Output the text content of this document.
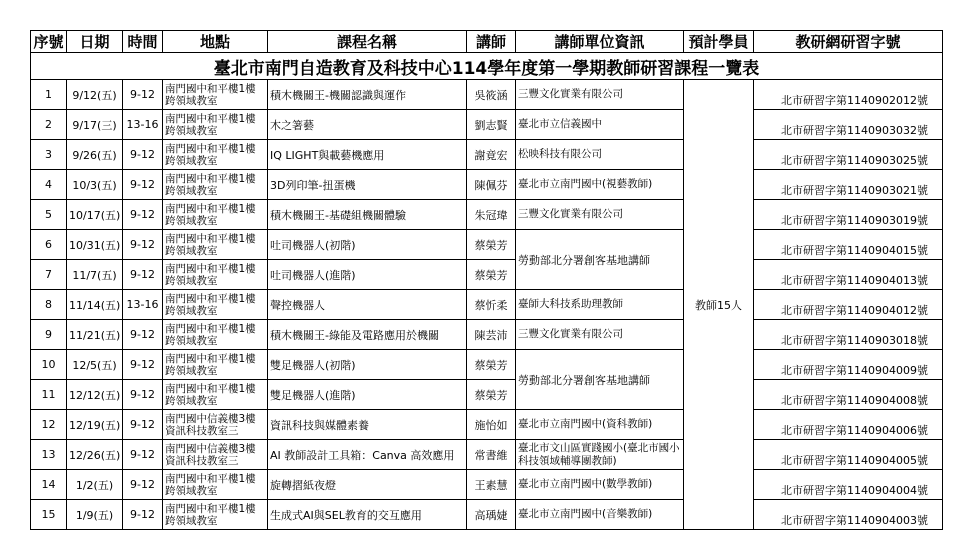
臺北市南門自造教育及科技中心114學年度第一學期教師研習課程一覽表								
序號	日期	時間	地點	課程名稱	講師	講師單位資訊	預計學員	教研網研習字號
1	9/12(五)	9-12	南門國中和平樓1樓跨領域教室	積木機關王-機關認識與運作	吳筱涵	三豐文化實業有限公司	教師15人	北市研習字第1140902012號
2	9/17(三)	13-16	南門國中和平樓1樓跨領域教室	木之箸藝	劉志賢	臺北市立信義國中		北市研習字第1140903032號
3	9/26(五)	9-12	南門國中和平樓1樓跨領域教室	IQ LIGHT與載藝機應用	謝竟宏	松映科技有限公司		北市研習字第1140903025號
4	10/3(五)	9-12	南門國中和平樓1樓跨領域教室	3D列印筆-扭蛋機	陳佩芬	臺北市立南門國中(視藝教師)		北市研習字第1140903021號
5	10/17(五)	9-12	南門國中和平樓1樓跨領域教室	積木機關王-基礎組機關體驗	朱冠瑋	三豐文化實業有限公司		北市研習字第1140903019號
6	10/31(五)	9-12	南門國中和平樓1樓跨領域教室	吐司機器人(初階)	蔡榮芳	勞動部北分署創客基地講師		北市研習字第1140904015號
7	11/7(五)	9-12	南門國中和平樓1樓跨領域教室	吐司機器人(進階)	蔡榮芳			北市研習字第1140904013號
8	11/14(五)	13-16	南門國中和平樓1樓跨領域教室	聲控機器人	蔡忻柔	臺師大科技系助理教師		北市研習字第1140904012號
9	11/21(五)	9-12	南門國中和平樓1樓跨領域教室	積木機關王-綠能及電路應用於機關	陳芸沛	三豐文化實業有限公司		北市研習字第1140903018號
10	12/5(五)	9-12	南門國中和平樓1樓跨領域教室	雙足機器人(初階)	蔡榮芳	勞動部北分署創客基地講師		北市研習字第1140904009號
11	12/12(五)	9-12	南門國中和平樓1樓跨領域教室	雙足機器人(進階)	蔡榮芳			北市研習字第1140904008號
12	12/19(五)	9-12	南門國中信義樓3樓資訊科技教室三	資訊科技與媒體素養	施怡如	臺北市立南門國中(資科教師)		北市研習字第1140904006號
13	12/26(五)	9-12	南門國中信義樓3樓資訊科技教室三	AI 教師設計工具箱：Canva 高效應用	常書維	臺北市文山區實踐國小(臺北市國小科技領域輔導團教師)		北市研習字第1140904005號
14	1/2(五)	9-12	南門國中和平樓1樓跨領域教室	旋轉摺紙夜燈	王素慧	臺北市立南門國中(數學教師)		北市研習字第1140904004號
15	1/9(五)	9-12	南門國中和平樓1樓跨領域教室	生成式AI與SEL教育的交互應用	高瑀婕	臺北市立南門國中(音樂教師)		北市研習字第1140904003號
